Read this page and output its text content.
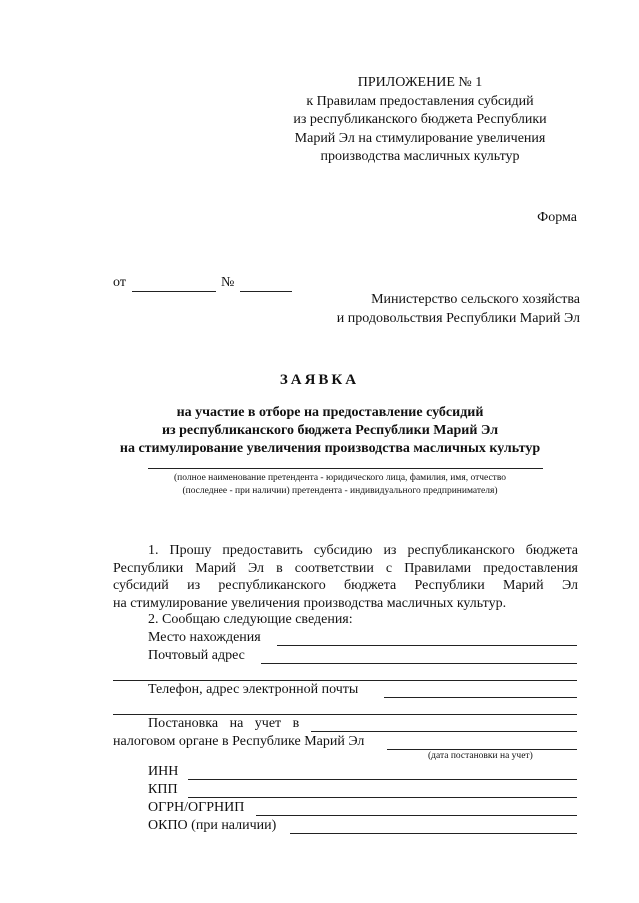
ПРИЛОЖЕНИЕ № 1
к Правилам предоставления субсидий
из республиканского бюджета Республики
Марий Эл на стимулирование увеличения
производства масличных культур
Форма
от	№
Министерство сельского хозяйства
и продовольствия Республики Марий Эл
ЗАЯВКА
на участие в отборе на предоставление субсидий
из республиканского бюджета Республики Марий Эл
на стимулирование увеличения производства масличных культур
(полное наименование претендента - юридического лица, фамилия, имя, отчество
(последнее - при наличии) претендента - индивидуального предпринимателя)

1. Прошу предоставить субсидию из республиканского бюджета

Республики Марий Эл в соответствии с Правилами предоставления

субсидий из республиканского бюджета Республики Марий Эл

на стимулирование увеличения производства масличных культур.

2. Сообщаю следующие сведения:
Место нахождения
Почтовый адрес
Телефон, адрес электронной почты
Постановка на учет в
налоговом органе в Республике Марий Эл
(дата постановки на учет)
ИНН
КПП
ОГРН/ОГРНИП
ОКПО (при наличии)
